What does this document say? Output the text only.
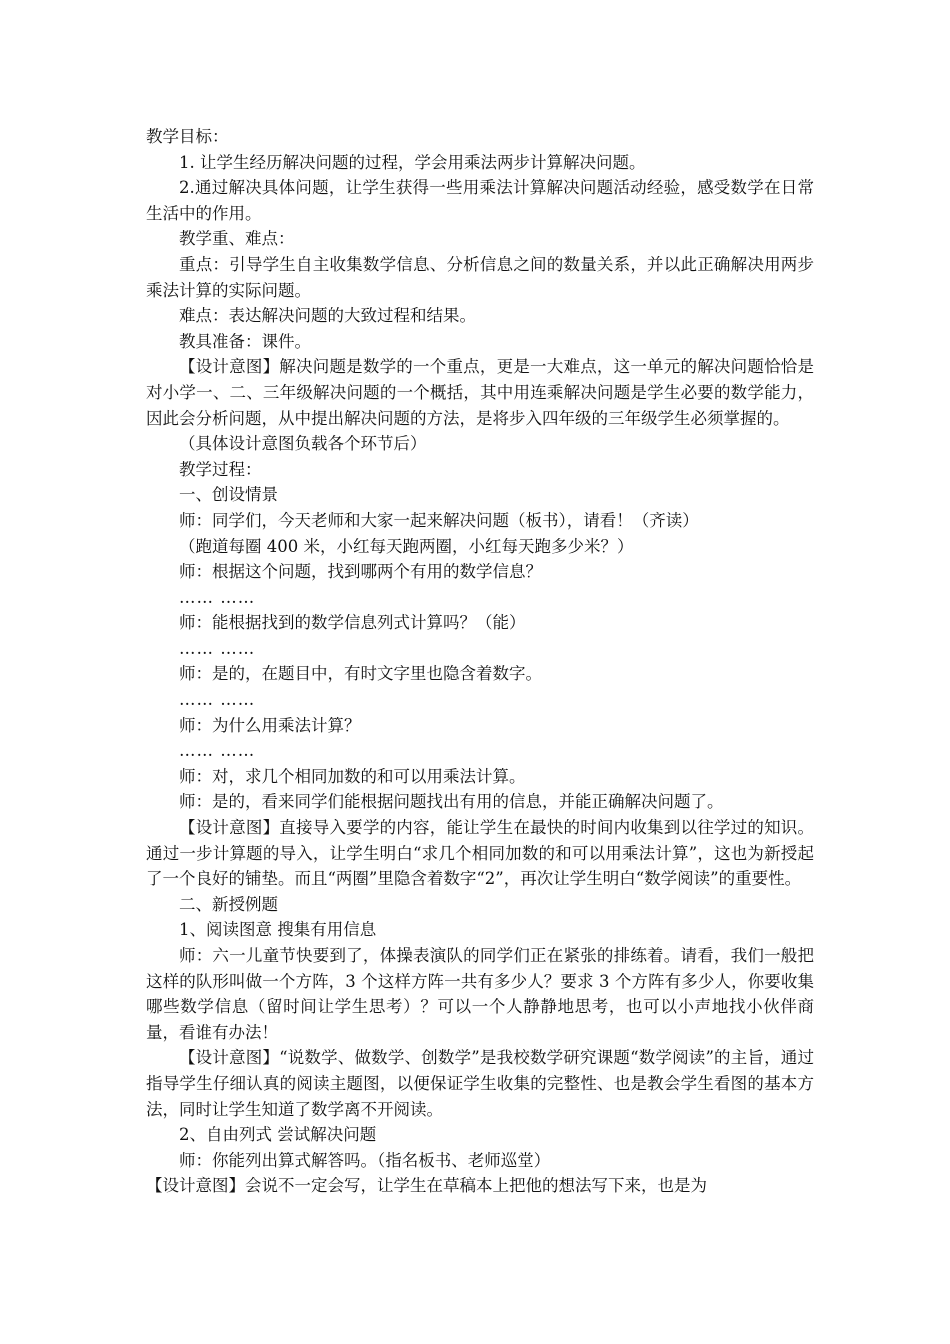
教学目标：

1. 让学生经历解决问题的过程，学会用乘法两步计算解决问题。

2.通过解决具体问题，让学生获得一些用乘法计算解决问题活动经验，感受数学在日常生活中的作用。

教学重、难点：

重点：引导学生自主收集数学信息、分析信息之间的数量关系，并以此正确解决用两步乘法计算的实际问题。

难点：表达解决问题的大致过程和结果。

教具准备：课件。

【设计意图】解决问题是数学的一个重点，更是一大难点，这一单元的解决问题恰恰是对小学一、二、三年级解决问题的一个概括，其中用连乘解决问题是学生必要的数学能力，因此会分析问题，从中提出解决问题的方法，是将步入四年级的三年级学生必须掌握的。

（具体设计意图负载各个环节后）

教学过程：

一、创设情景

师：同学们，今天老师和大家一起来解决问题（板书），请看！（齐读）

（跑道每圈 400 米，小红每天跑两圈，小红每天跑多少米？）

师：根据这个问题，找到哪两个有用的数学信息？

…… ……

师：能根据找到的数学信息列式计算吗？（能）

…… ……

师：是的，在题目中，有时文字里也隐含着数字。

…… ……

师：为什么用乘法计算？

…… ……

师：对，求几个相同加数的和可以用乘法计算。

师：是的，看来同学们能根据问题找出有用的信息，并能正确解决问题了。

【设计意图】直接导入要学的内容，能让学生在最快的时间内收集到以往学过的知识。通过一步计算题的导入，让学生明白“求几个相同加数的和可以用乘法计算”，这也为新授起了一个良好的铺垫。而且“两圈”里隐含着数字“2”，再次让学生明白“数学阅读”的重要性。

二、新授例题

1、阅读图意 搜集有用信息

师：六一儿童节快要到了，体操表演队的同学们正在紧张的排练着。请看，我们一般把这样的队形叫做一个方阵，3 个这样方阵一共有多少人？要求 3 个方阵有多少人，你要收集哪些数学信息（留时间让学生思考）？可以一个人静静地思考，也可以小声地找小伙伴商量，看谁有办法！

【设计意图】“说数学、做数学、创数学”是我校数学研究课题“数学阅读”的主旨，通过指导学生仔细认真的阅读主题图，以便保证学生收集的完整性、也是教会学生看图的基本方法，同时让学生知道了数学离不开阅读。

2、自由列式 尝试解决问题

师：你能列出算式解答吗。（指名板书、老师巡堂）

【设计意图】会说不一定会写，让学生在草稿本上把他的想法写下来，也是为
